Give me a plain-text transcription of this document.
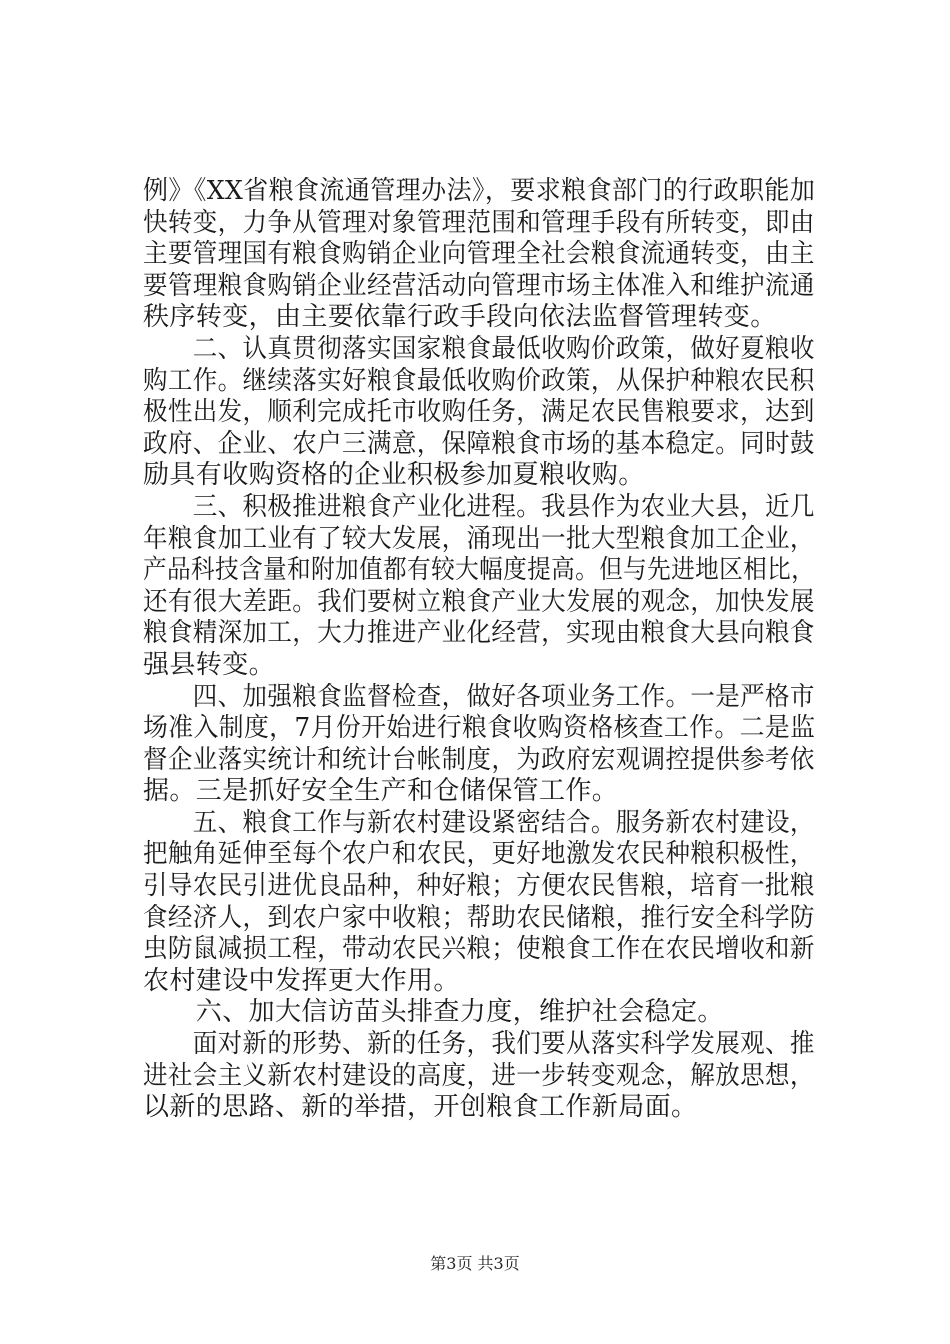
例》《XX省粮食流通管理办法》，要求粮食部门的行政职能加
快转变，力争从管理对象管理范围和管理手段有所转变，即由
主要管理国有粮食购销企业向管理全社会粮食流通转变，由主
要管理粮食购销企业经营活动向管理市场主体准入和维护流通
秩序转变，由主要依靠行政手段向依法监督管理转变。
　　二、认真贯彻落实国家粮食最低收购价政策，做好夏粮收
购工作。继续落实好粮食最低收购价政策，从保护种粮农民积
极性出发，顺利完成托市收购任务，满足农民售粮要求，达到
政府、企业、农户三满意，保障粮食市场的基本稳定。同时鼓
励具有收购资格的企业积极参加夏粮收购。
　　三、积极推进粮食产业化进程。我县作为农业大县，近几
年粮食加工业有了较大发展，涌现出一批大型粮食加工企业，
产品科技含量和附加值都有较大幅度提高。但与先进地区相比，
还有很大差距。我们要树立粮食产业大发展的观念，加快发展
粮食精深加工，大力推进产业化经营，实现由粮食大县向粮食
强县转变。
　　四、加强粮食监督检查，做好各项业务工作。一是严格市
场准入制度，7月份开始进行粮食收购资格核查工作。二是监
督企业落实统计和统计台帐制度，为政府宏观调控提供参考依
据。三是抓好安全生产和仓储保管工作。
　　五、粮食工作与新农村建设紧密结合。服务新农村建设，
把触角延伸至每个农户和农民，更好地激发农民种粮积极性，
引导农民引进优良品种，种好粮；方便农民售粮，培育一批粮
食经济人，到农户家中收粮；帮助农民储粮，推行安全科学防
虫防鼠减损工程，带动农民兴粮；使粮食工作在农民增收和新
农村建设中发挥更大作用。
　　六、加大信访苗头排查力度，维护社会稳定。
　　面对新的形势、新的任务，我们要从落实科学发展观、推
进社会主义新农村建设的高度，进一步转变观念，解放思想，
以新的思路、新的举措，开创粮食工作新局面。
第3页 共3页
